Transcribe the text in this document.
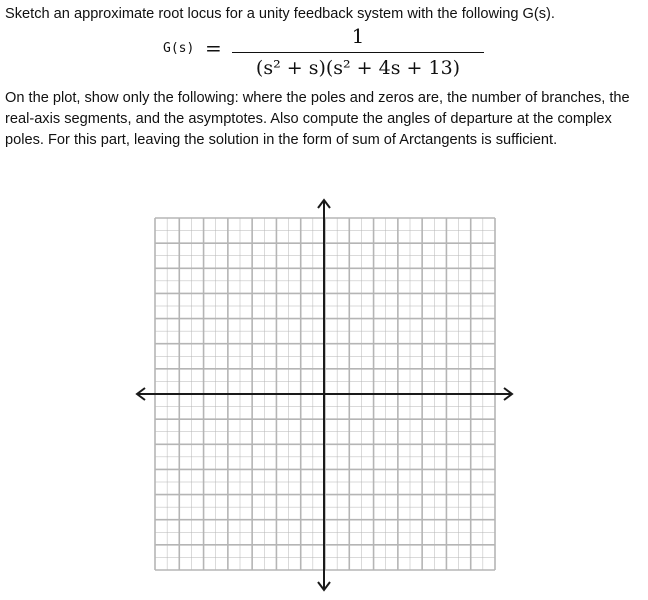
Sketch an approximate root locus for a unity feedback system with the following G(s).
G(s) =	1
(s² + s)(s² + 4s + 13)
On the plot, show only the following: where the poles and zeros are, the number of branches, the real-axis segments, and the asymptotes. Also compute the angles of departure at the complex poles. For this part, leaving the solution in the form of sum of Arctangents is sufficient.
